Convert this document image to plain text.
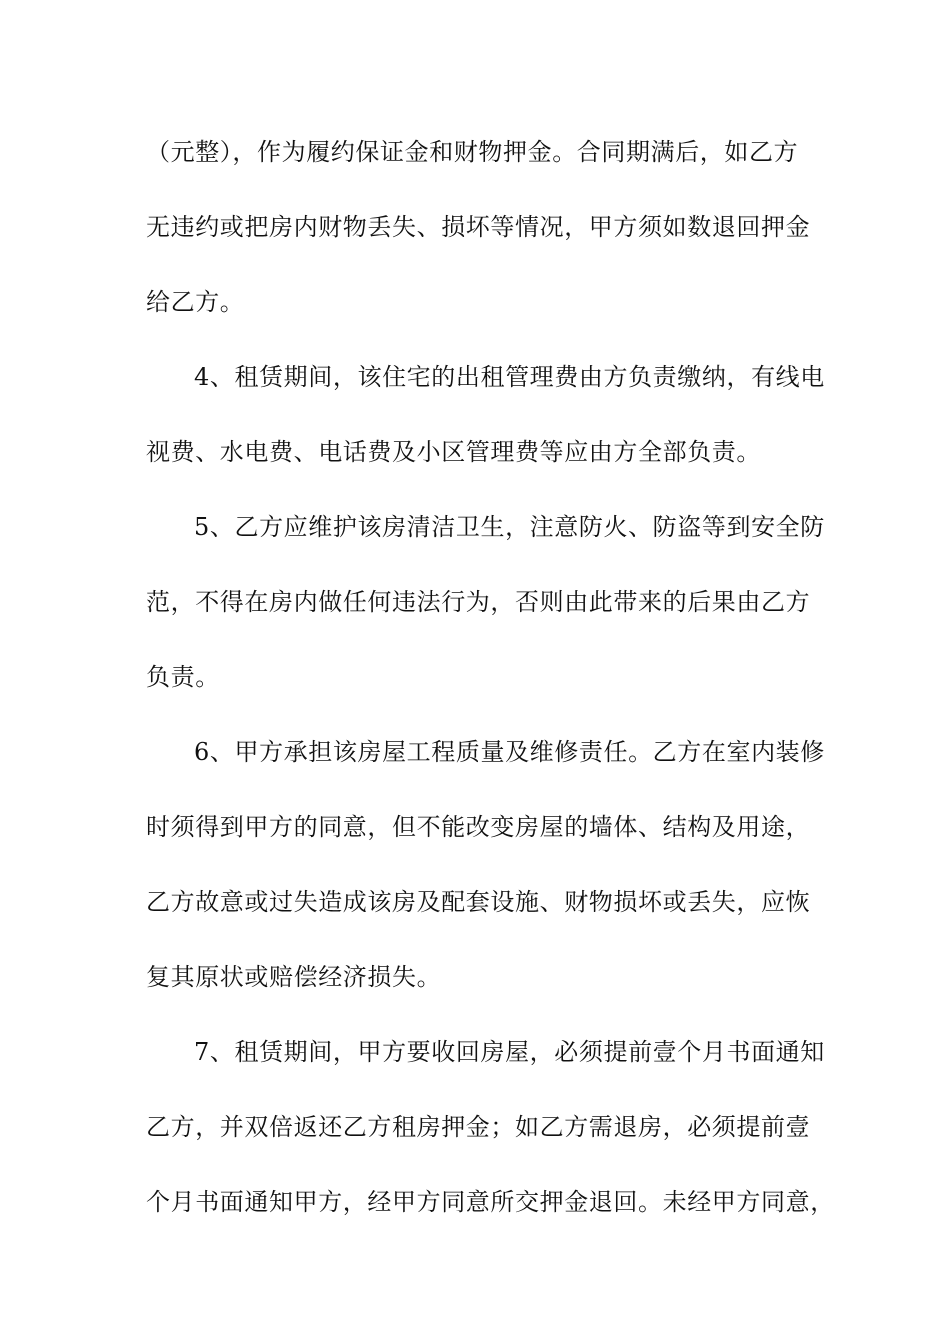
（元整），作为履约保证金和财物押金。合同期满后，如乙方
无违约或把房内财物丢失、损坏等情况，甲方须如数退回押金
给乙方。
4、租赁期间，该住宅的出租管理费由方负责缴纳，有线电
视费、水电费、电话费及小区管理费等应由方全部负责。
5、乙方应维护该房清洁卫生，注意防火、防盗等到安全防
范，不得在房内做任何违法行为，否则由此带来的后果由乙方
负责。
6、甲方承担该房屋工程质量及维修责任。乙方在室内装修
时须得到甲方的同意，但不能改变房屋的墙体、结构及用途，
乙方故意或过失造成该房及配套设施、财物损坏或丢失，应恢
复其原状或赔偿经济损失。
7、租赁期间，甲方要收回房屋，必须提前壹个月书面通知
乙方，并双倍返还乙方租房押金；如乙方需退房，必须提前壹
个月书面通知甲方，经甲方同意所交押金退回。未经甲方同意，
